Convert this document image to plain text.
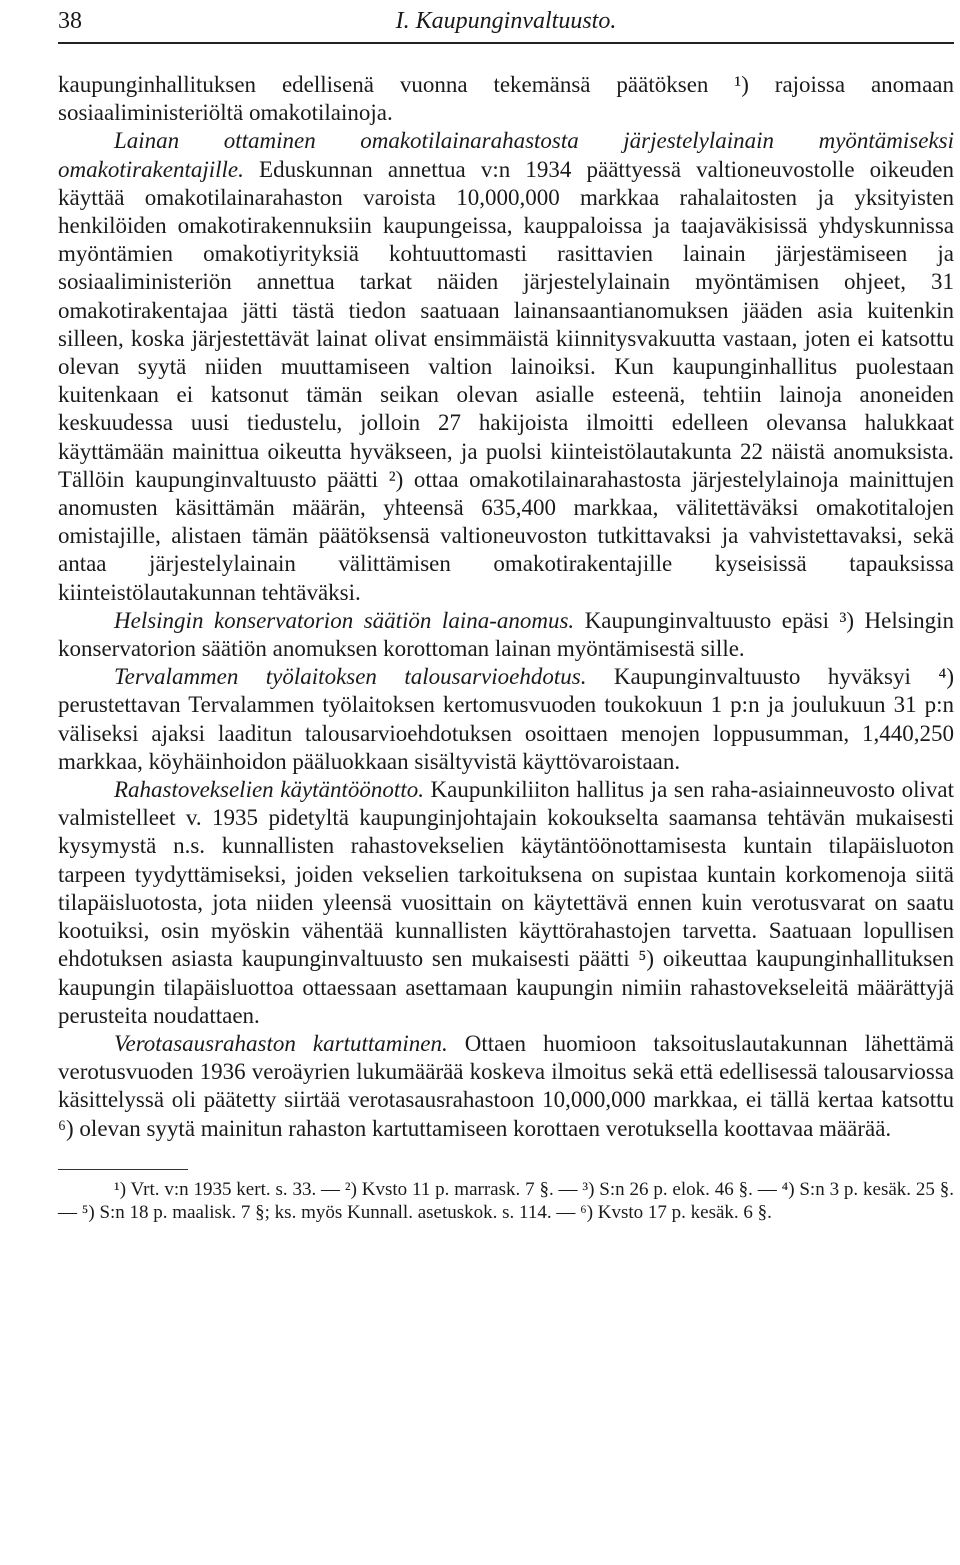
38	I. Kaupunginvaltuusto.

kaupunginhallituksen edellisenä vuonna tekemänsä päätöksen ¹) rajoissa anomaan sosiaaliministeriöltä omakotilainoja.

Lainan ottaminen omakotilainarahastosta järjestelylainain myöntämiseksi omakotirakentajille. Eduskunnan annettua v:n 1934 päättyessä valtioneuvostolle oikeuden käyttää omakotilainarahaston varoista 10,000,000 markkaa rahalaitosten ja yksityisten henkilöiden omakotirakennuksiin kaupungeissa, kauppaloissa ja taajaväkisissä yhdyskunnissa myöntämien omakotiyrityksiä kohtuuttomasti rasittavien lainain järjestämiseen ja sosiaaliministeriön annettua tarkat näiden järjestelylainain myöntämisen ohjeet, 31 omakotirakentajaa jätti tästä tiedon saatuaan lainansaantianomuksen jääden asia kuitenkin silleen, koska järjestettävät lainat olivat ensimmäistä kiinnitysvakuutta vastaan, joten ei katsottu olevan syytä niiden muuttamiseen valtion lainoiksi. Kun kaupunginhallitus puolestaan kuitenkaan ei katsonut tämän seikan olevan asialle esteenä, tehtiin lainoja anoneiden keskuudessa uusi tiedustelu, jolloin 27 hakijoista ilmoitti edelleen olevansa halukkaat käyttämään mainittua oikeutta hyväkseen, ja puolsi kiinteistölautakunta 22 näistä anomuksista. Tällöin kaupunginvaltuusto päätti ²) ottaa omakotilainarahastosta järjestelylainoja mainittujen anomusten käsittämän määrän, yhteensä 635,400 markkaa, välitettäväksi omakotitalojen omistajille, alistaen tämän päätöksensä valtioneuvoston tutkittavaksi ja vahvistettavaksi, sekä antaa järjestelylainain välittämisen omakotirakentajille kyseisissä tapauksissa kiinteistölautakunnan tehtäväksi.

Helsingin konservatorion säätiön laina-anomus. Kaupunginvaltuusto epäsi ³) Helsingin konservatorion säätiön anomuksen korottoman lainan myöntämisestä sille.

Tervalammen työlaitoksen talousarvioehdotus. Kaupunginvaltuusto hyväksyi ⁴) perustettavan Tervalammen työlaitoksen kertomusvuoden toukokuun 1 p:n ja joulukuun 31 p:n väliseksi ajaksi laaditun talousarvioehdotuksen osoittaen menojen loppusumman, 1,440,250 markkaa, köyhäinhoidon pääluokkaan sisältyvistä käyttövaroistaan.

Rahastovekselien käytäntöönotto. Kaupunkiliiton hallitus ja sen raha-asiainneuvosto olivat valmistelleet v. 1935 pidetyltä kaupunginjohtajain kokoukselta saamansa tehtävän mukaisesti kysymystä n.s. kunnallisten rahastovekselien käytäntöönottamisesta kuntain tilapäisluoton tarpeen tyydyttämiseksi, joiden vekselien tarkoituksena on supistaa kuntain korkomenoja siitä tilapäisluotosta, jota niiden yleensä vuosittain on käytettävä ennen kuin verotusvarat on saatu kootuiksi, osin myöskin vähentää kunnallisten käyttörahastojen tarvetta. Saatuaan lopullisen ehdotuksen asiasta kaupunginvaltuusto sen mukaisesti päätti ⁵) oikeuttaa kaupunginhallituksen kaupungin tilapäisluottoa ottaessaan asettamaan kaupungin nimiin rahastovekseleitä määrättyjä perusteita noudattaen.

Verotasausrahaston kartuttaminen. Ottaen huomioon taksoituslautakunnan lähettämä verotusvuoden 1936 veroäyrien lukumäärää koskeva ilmoitus sekä että edellisessä talousarviossa käsittelyssä oli päätetty siirtää verotasausrahastoon 10,000,000 markkaa, ei tällä kertaa katsottu ⁶) olevan syytä mainitun rahaston kartuttamiseen korottaen verotuksella koottavaa määrää.

¹) Vrt. v:n 1935 kert. s. 33. — ²) Kvsto 11 p. marrask. 7 §. — ³) S:n 26 p. elok. 46 §. — ⁴) S:n 3 p. kesäk. 25 §. — ⁵) S:n 18 p. maalisk. 7 §; ks. myös Kunnall. asetuskok. s. 114. — ⁶) Kvsto 17 p. kesäk. 6 §.
